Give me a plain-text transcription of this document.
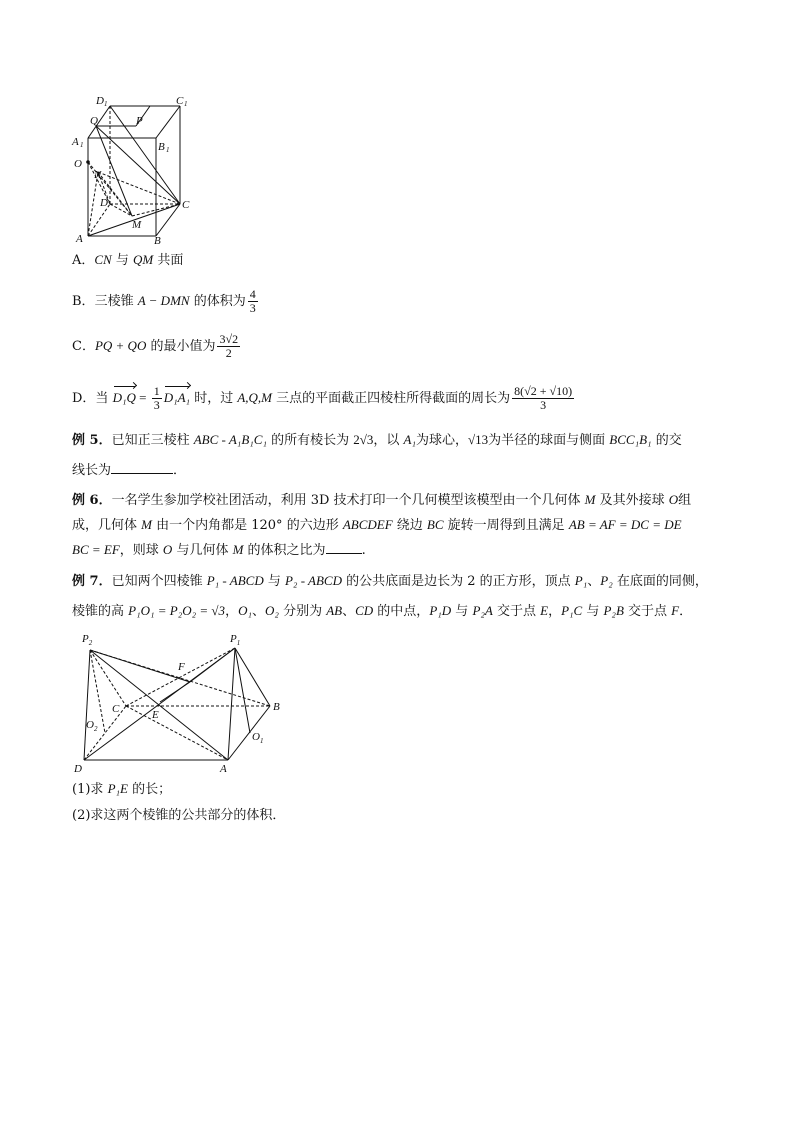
D 1	C 1
Q	P
A 1	B 1
O
N
D	C
M
A	B
A．CN 与 QM 共面
B．三棱锥 A − DMN 的体积为 $\frac{4}{3}$
C．PQ + QO 的最小值为 $\frac{3√2}{2}$
D．当 $D_1Q = \frac{1}{3} D_1A_1$ 时，过 A,Q,M 三点的平面截正四棱柱所得截面的周长为 $\frac{8(√2 + √10)}{3}$
例 5．已知正三棱柱 ABC - A₁B₁C₁ 的所有棱长为 2√3，以 A₁为球心，√13为半径的球面与侧面 BCC₁B₁ 的交
线长为	．
例 6．一名学生参加学校社团活动，利用 3D 技术打印一个几何模型该模型由一个几何体 M 及其外接球 O组
成，几何体 M 由一个内角都是 120° 的六边形 ABCDEF 绕边 BC 旋转一周得到且满足 AB = AF = DC = DE
BC = EF，则球 O 与几何体 M 的体积之比为	.
例 7．已知两个四棱锥 P₁ - ABCD 与 P₂ - ABCD 的公共底面是边长为 2 的正方形，顶点 P₁、P₂ 在底面的同侧，
棱锥的高 P₁O₁ = P₂O₂ = √3，O₁、O₂ 分别为 AB、CD 的中点，P₁D 与 P₂A 交于点 E，P₁C 与 P₂B 交于点 F．
$P_2$	$P_1$
F
C	E
B
$O_2$
$O_1$
D	A
(1)求 P₁E 的长；
(2)求这两个棱锥的公共部分的体积．
